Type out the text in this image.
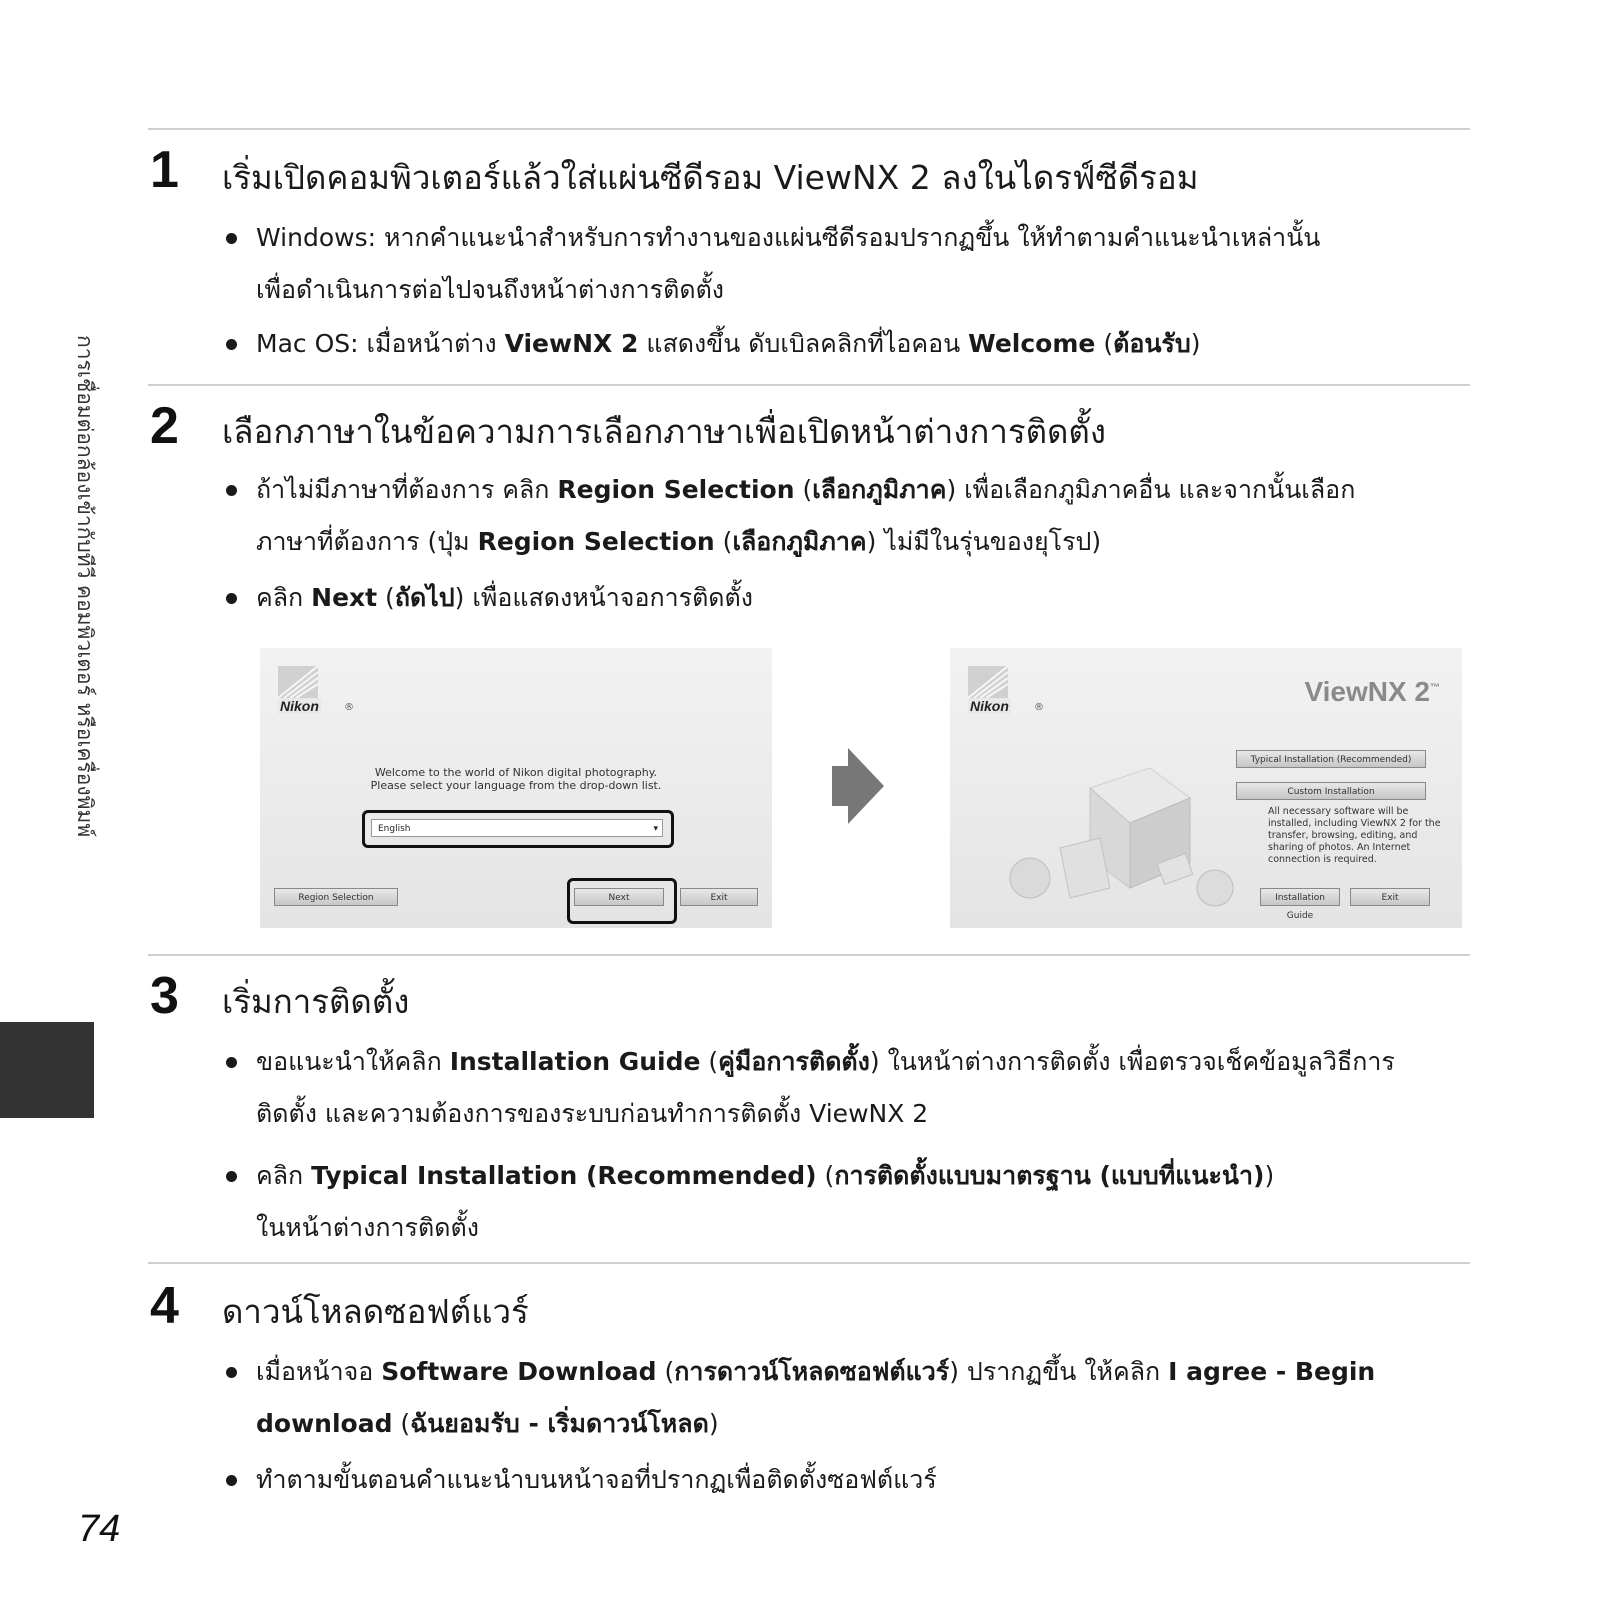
การเชื่อมต่อกล้องเข้ากับทีวี คอมพิวเตอร์ หรือเครื่องพิมพ์
1 เริ่มเปิดคอมพิวเตอร์แล้วใส่แผ่นซีดีรอม ViewNX 2 ลงในไดรฟ์ซีดีรอม
Windows: หากคำแนะนำสำหรับการทำงานของแผ่นซีดีรอมปรากฏขึ้น ให้ทำตามคำแนะนำเหล่านั้น
เพื่อดำเนินการต่อไปจนถึงหน้าต่างการติดตั้ง
Mac OS: เมื่อหน้าต่าง ViewNX 2 แสดงขึ้น ดับเบิลคลิกที่ไอคอน Welcome (ต้อนรับ)
2 เลือกภาษาในข้อความการเลือกภาษาเพื่อเปิดหน้าต่างการติดตั้ง
ถ้าไม่มีภาษาที่ต้องการ คลิก Region Selection (เลือกภูมิภาค) เพื่อเลือกภูมิภาคอื่น และจากนั้นเลือก
ภาษาที่ต้องการ (ปุ่ม Region Selection (เลือกภูมิภาค) ไม่มีในรุ่นของยุโรป)
คลิก Next (ถัดไป) เพื่อแสดงหน้าจอการติดตั้ง
Nikon	®
Welcome to the world of Nikon digital photography.
Please select your language from the drop-down list.
English	▾
Region Selection	Next	Exit
Nikon	®
ViewNX 2™
Typical Installation (Recommended)
Custom Installation
All necessary software will be installed, including ViewNX 2 for the transfer, browsing, editing, and sharing of photos. An Internet connection is required.
Installation Guide
Exit
3 เริ่มการติดตั้ง
ขอแนะนำให้คลิก Installation Guide (คู่มือการติดตั้ง) ในหน้าต่างการติดตั้ง เพื่อตรวจเช็คข้อมูลวิธีการ
ติดตั้ง และความต้องการของระบบก่อนทำการติดตั้ง ViewNX 2
คลิก Typical Installation (Recommended) (การติดตั้งแบบมาตรฐาน (แบบที่แนะนำ))
ในหน้าต่างการติดตั้ง
4 ดาวน์โหลดซอฟต์แวร์
เมื่อหน้าจอ Software Download (การดาวน์โหลดซอฟต์แวร์) ปรากฏขึ้น ให้คลิก I agree - Begin
download (ฉันยอมรับ - เริ่มดาวน์โหลด)
ทำตามขั้นตอนคำแนะนำบนหน้าจอที่ปรากฏเพื่อติดตั้งซอฟต์แวร์
74
